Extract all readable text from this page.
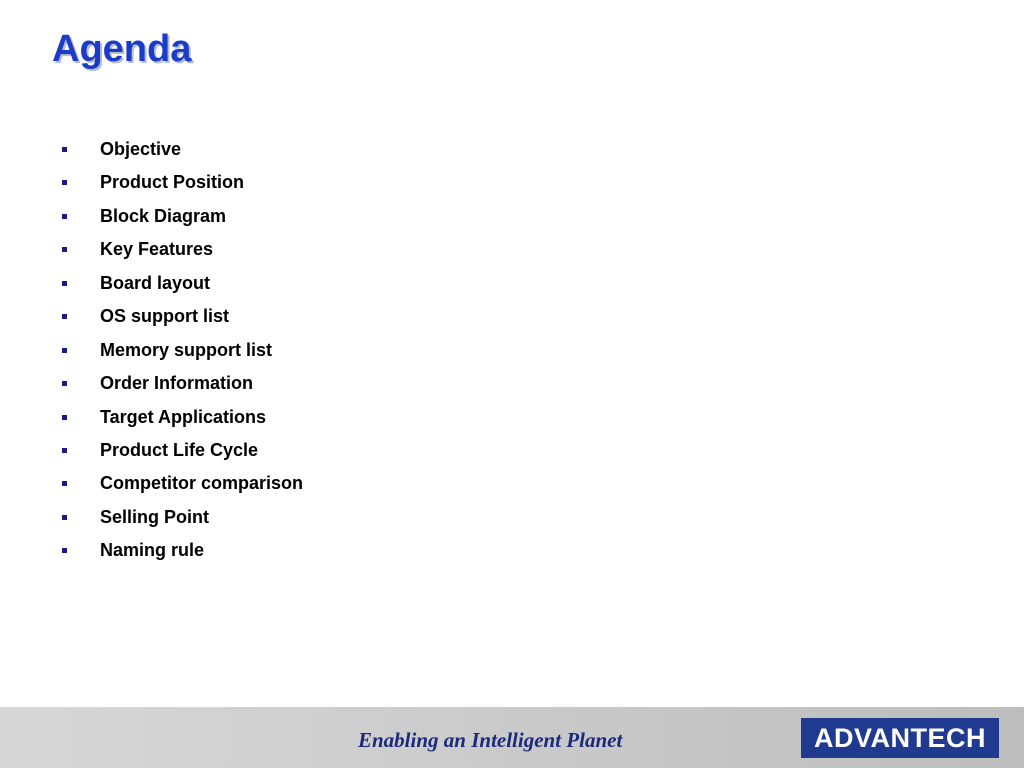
Agenda
Objective
Product Position
Block Diagram
Key Features
Board layout
OS support list
Memory support list
Order Information
Target Applications
Product Life Cycle
Competitor comparison
Selling Point
Naming rule
Enabling an Intelligent Planet	ADVANTECH
